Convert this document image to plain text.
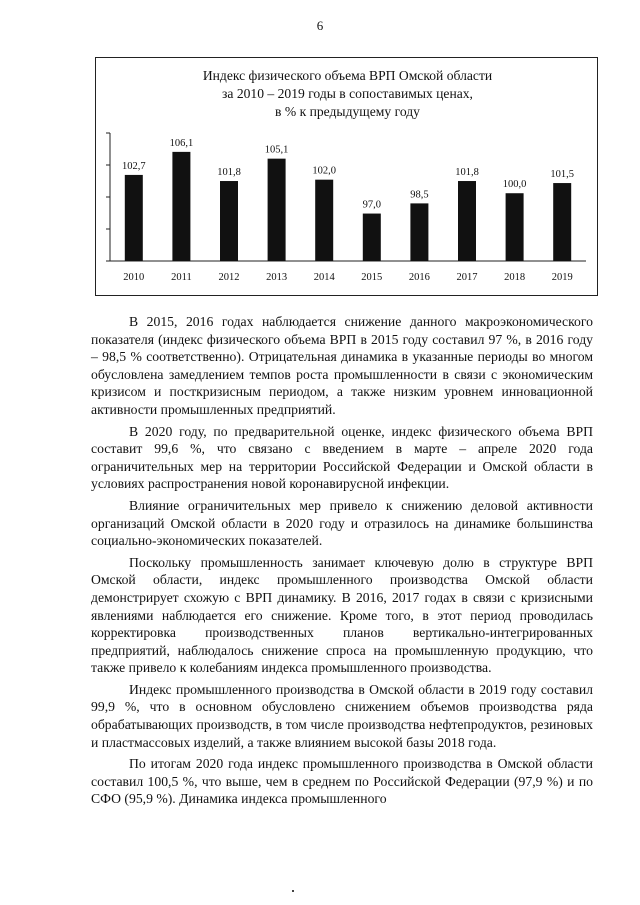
6
Индекс физического объема ВРП Омской области
за 2010 – 2019 годы в сопоставимых ценах,
в % к предыдущему году
102,7
2010
106,1
2011
101,8
2012
105,1
2013
102,0
2014
97,0
2015
98,5
2016
101,8
2017
100,0
2018
101,5
2019

В 2015, 2016 годах наблюдается снижение данного макроэкономического показателя (индекс физического объема ВРП в 2015 году составил 97 %, в 2016 году – 98,5 % соответственно). Отрицательная динамика в указанные периоды во многом обусловлена замедлением темпов роста промышленности в связи с экономическим кризисом и посткризисным периодом, а также низким уровнем инновационной активности промышленных предприятий.

В 2020 году, по предварительной оценке, индекс физического объема ВРП составит 99,6 %, что связано с введением в марте – апреле 2020 года ограничительных мер на территории Российской Федерации и Омской области в условиях распространения новой коронавирусной инфекции.

Влияние ограничительных мер привело к снижению деловой активности организаций Омской области в 2020 году и отразилось на динамике большинства социально-экономических показателей.

Поскольку промышленность занимает ключевую долю в структуре ВРП Омской области, индекс промышленного производства Омской области демонстрирует схожую с ВРП динамику. В 2016, 2017 годах в связи с кризисными явлениями наблюдается его снижение. Кроме того, в этот период проводилась корректировка производственных планов вертикально-интегрированных предприятий, наблюдалось снижение спроса на промышленную продукцию, что также привело к колебаниям индекса промышленного производства.

Индекс промышленного производства в Омской области в 2019 году составил 99,9 %, что в основном обусловлено снижением объемов производства ряда обрабатывающих производств, в том числе производства нефтепродуктов, резиновых и пластмассовых изделий, а также влиянием высокой базы 2018 года.

По итогам 2020 года индекс промышленного производства в Омской области составил 100,5 %, что выше, чем в среднем по Российской Федерации (97,9 %) и по СФО (95,9 %). Динамика индекса промышленного
